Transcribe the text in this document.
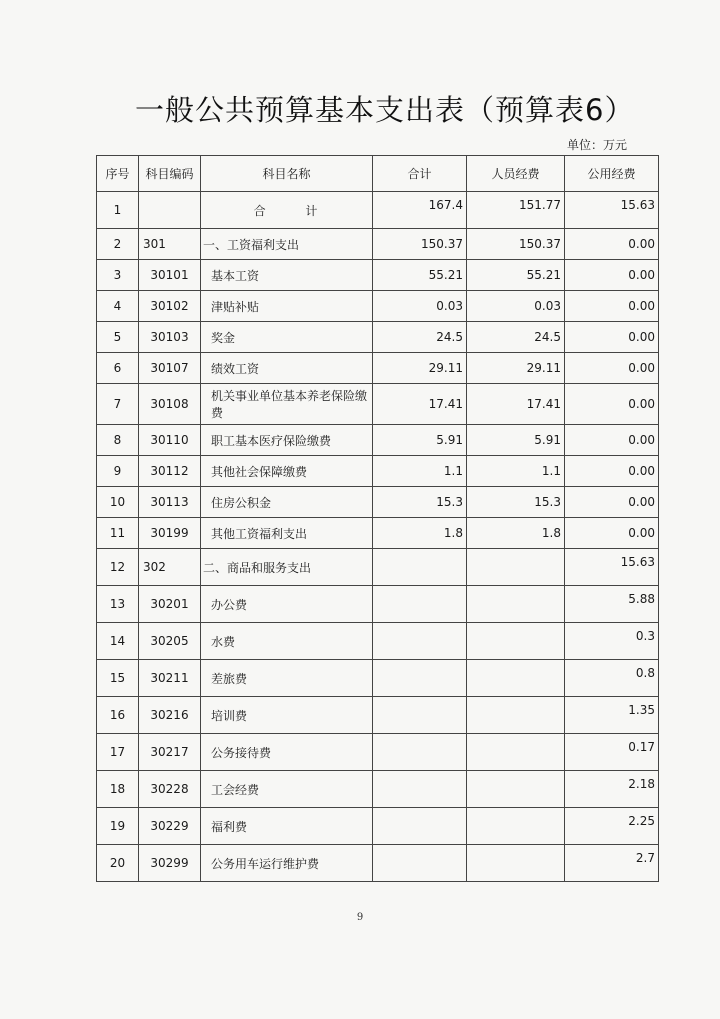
一般公共预算基本支出表（预算表6）
单位：万元
序号	科目编码	科目名称	合计	人员经费	公用经费
1		合 计	167.4	151.77	15.63
2	301	一、工资福利支出	150.37	150.37	0.00
3	30101	基本工资	55.21	55.21	0.00
4	30102	津贴补贴	0.03	0.03	0.00
5	30103	奖金	24.5	24.5	0.00
6	30107	绩效工资	29.11	29.11	0.00
7	30108	机关事业单位基本养老保险缴费	17.41	17.41	0.00
8	30110	职工基本医疗保险缴费	5.91	5.91	0.00
9	30112	其他社会保障缴费	1.1	1.1	0.00
10	30113	住房公积金	15.3	15.3	0.00
11	30199	其他工资福利支出	1.8	1.8	0.00
12	302	二、商品和服务支出			15.63
13	30201	办公费			5.88
14	30205	水费			0.3
15	30211	差旅费			0.8
16	30216	培训费			1.35
17	30217	公务接待费			0.17
18	30228	工会经费			2.18
19	30229	福利费			2.25
20	30299	公务用车运行维护费			2.7
9
